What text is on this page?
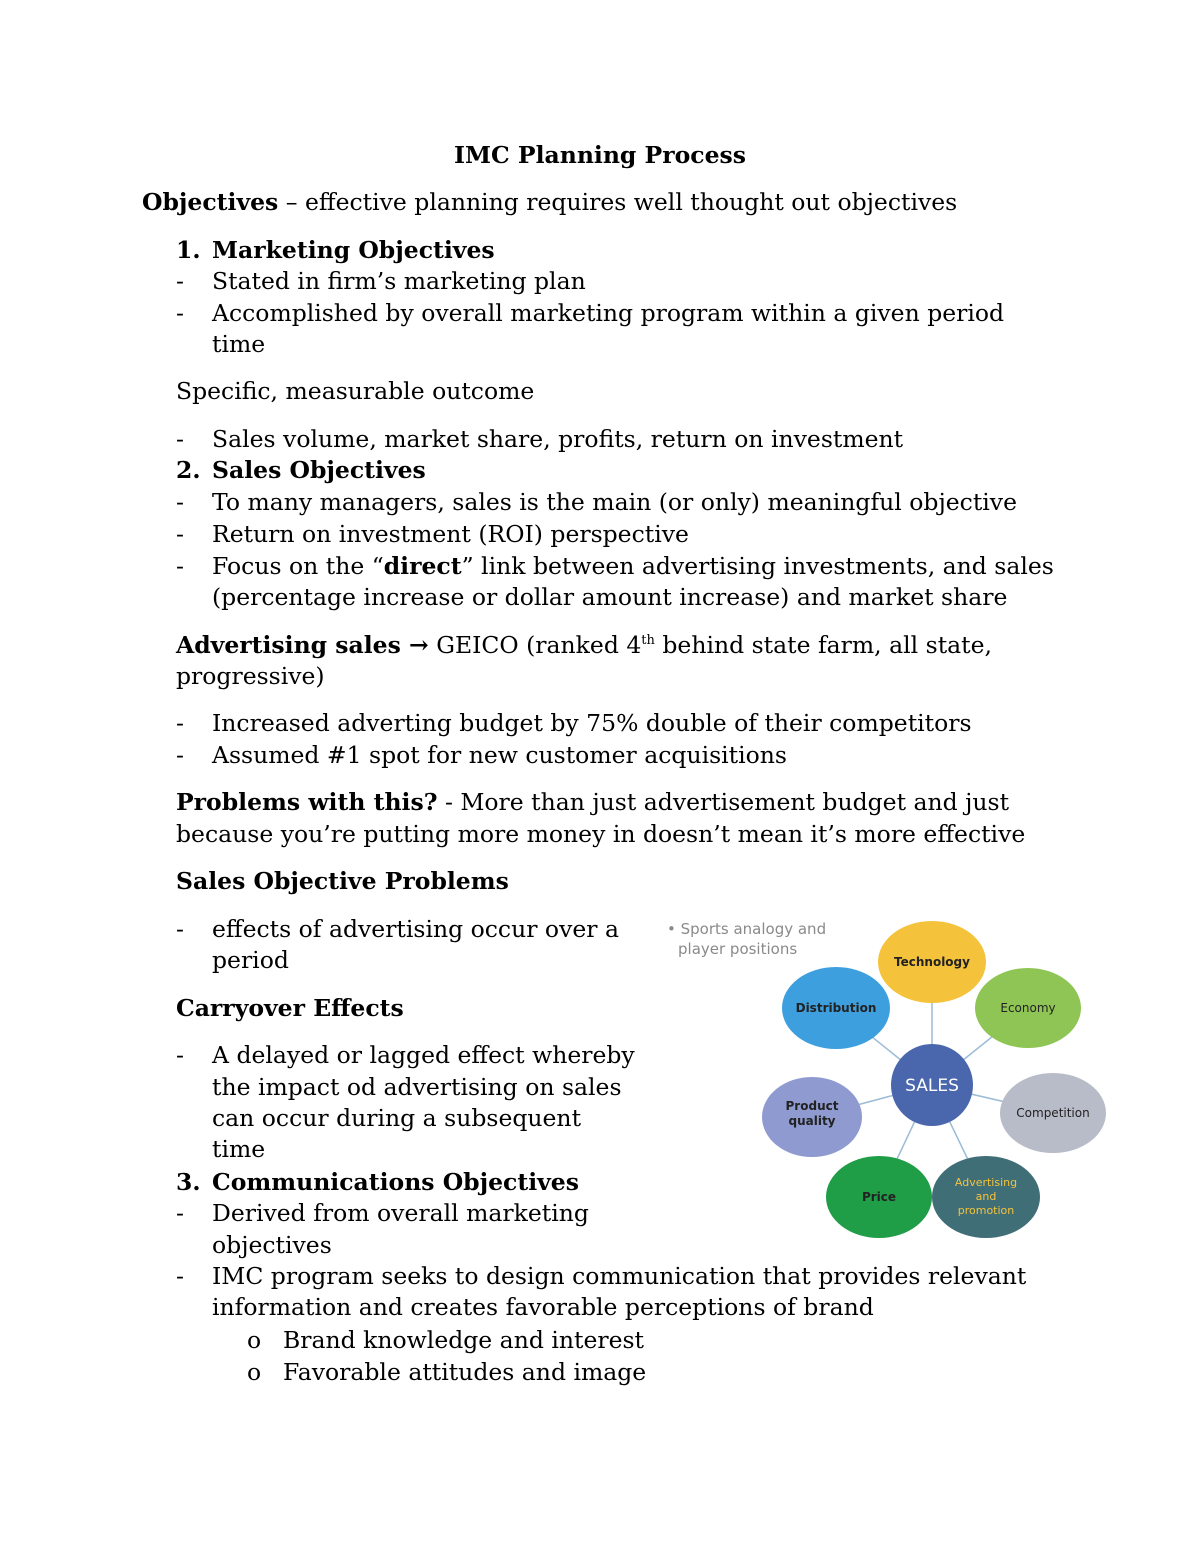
IMC Planning Process
Objectives – effective planning requires well thought out objectives
1. Marketing Objectives
- Stated in firm’s marketing plan
- Accomplished by overall marketing program within a given period
time
Specific, measurable outcome
- Sales volume, market share, profits, return on investment
2. Sales Objectives
- To many managers, sales is the main (or only) meaningful objective
- Return on investment (ROI) perspective
- Focus on the “direct” link between advertising investments, and sales
(percentage increase or dollar amount increase) and market share
Advertising sales → GEICO (ranked 4th behind state farm, all state,
progressive)
- Increased adverting budget by 75% double of their competitors
- Assumed #1 spot for new customer acquisitions
Problems with this? - More than just advertisement budget and just
because you’re putting more money in doesn’t mean it’s more effective
Sales Objective Problems
- effects of advertising occur over a
period
Carryover Effects
- A delayed or lagged effect whereby
the impact od advertising on sales
can occur during a subsequent
time
3. Communications Objectives
- Derived from overall marketing
objectives
- IMC program seeks to design communication that provides relevant
information and creates favorable perceptions of brand
o Brand knowledge and interest
o Favorable attitudes and image
• Sports analogy and
player positions
SALES
Technology
Economy
Distribution
Competition
Product
quality
Price
Advertising
and
promotion
